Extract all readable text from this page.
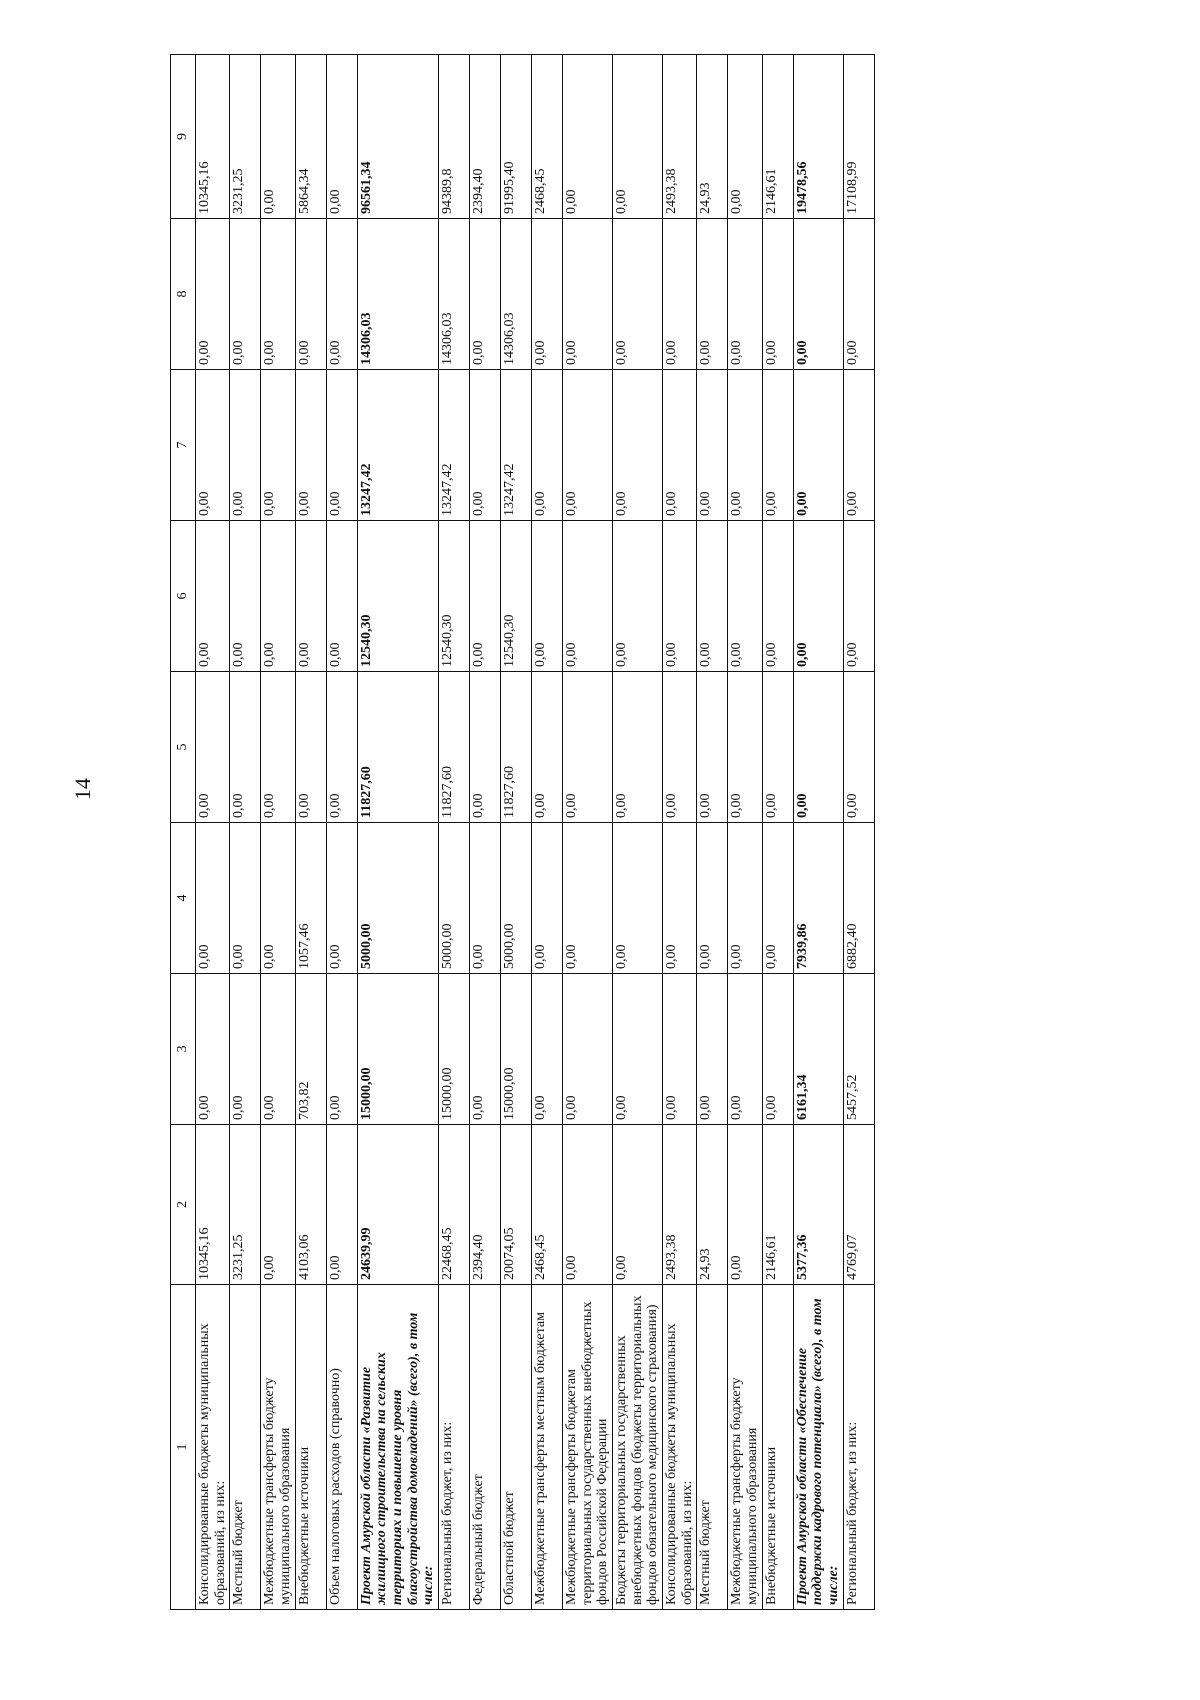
14
1	2	3	4	5	6	7	8	9
Консолидированные бюджеты муниципальных образований, из них:	10345,16	0,00	0,00	0,00	0,00	0,00	0,00	10345,16
Местный бюджет	3231,25	0,00	0,00	0,00	0,00	0,00	0,00	3231,25
Межбюджетные трансферты бюджету муниципального образования	0,00	0,00	0,00	0,00	0,00	0,00	0,00	0,00
Внебюджетные источники	4103,06	703,82	1057,46	0,00	0,00	0,00	0,00	5864,34
Объем налоговых расходов (справочно)	0,00	0,00	0,00	0,00	0,00	0,00	0,00	0,00
Проект Амурской области «Развитие жилищного строительства на сельских территориях и повышение уровня благоустройства домовладений» (всего), в том числе:	24639,99	15000,00	5000,00	11827,60	12540,30	13247,42	14306,03	96561,34
Региональный бюджет, из них:	22468,45	15000,00	5000,00	11827,60	12540,30	13247,42	14306,03	94389,8
Федеральный бюджет	2394,40	0,00	0,00	0,00	0,00	0,00	0,00	2394,40
Областной бюджет	20074,05	15000,00	5000,00	11827,60	12540,30	13247,42	14306,03	91995,40
Межбюджетные трансферты местным бюджетам	2468,45	0,00	0,00	0,00	0,00	0,00	0,00	2468,45
Межбюджетные трансферты бюджетам территориальных государственных внебюджетных фондов Российской Федерации	0,00	0,00	0,00	0,00	0,00	0,00	0,00	0,00
Бюджеты территориальных государственных внебюджетных фондов (бюджеты территориальных фондов обязательного медицинского страхования)	0,00	0,00	0,00	0,00	0,00	0,00	0,00	0,00
Консолидированные бюджеты муниципальных образований, из них:	2493,38	0,00	0,00	0,00	0,00	0,00	0,00	2493,38
Местный бюджет	24,93	0,00	0,00	0,00	0,00	0,00	0,00	24,93
Межбюджетные трансферты бюджету муниципального образования	0,00	0,00	0,00	0,00	0,00	0,00	0,00	0,00
Внебюджетные источники	2146,61	0,00	0,00	0,00	0,00	0,00	0,00	2146,61
Проект Амурской области «Обеспечение поддержки кадрового потенциала» (всего), в том числе:	5377,36	6161,34	7939,86	0,00	0,00	0,00	0,00	19478,56
Региональный бюджет, из них:	4769,07	5457,52	6882,40	0,00	0,00	0,00	0,00	17108,99
